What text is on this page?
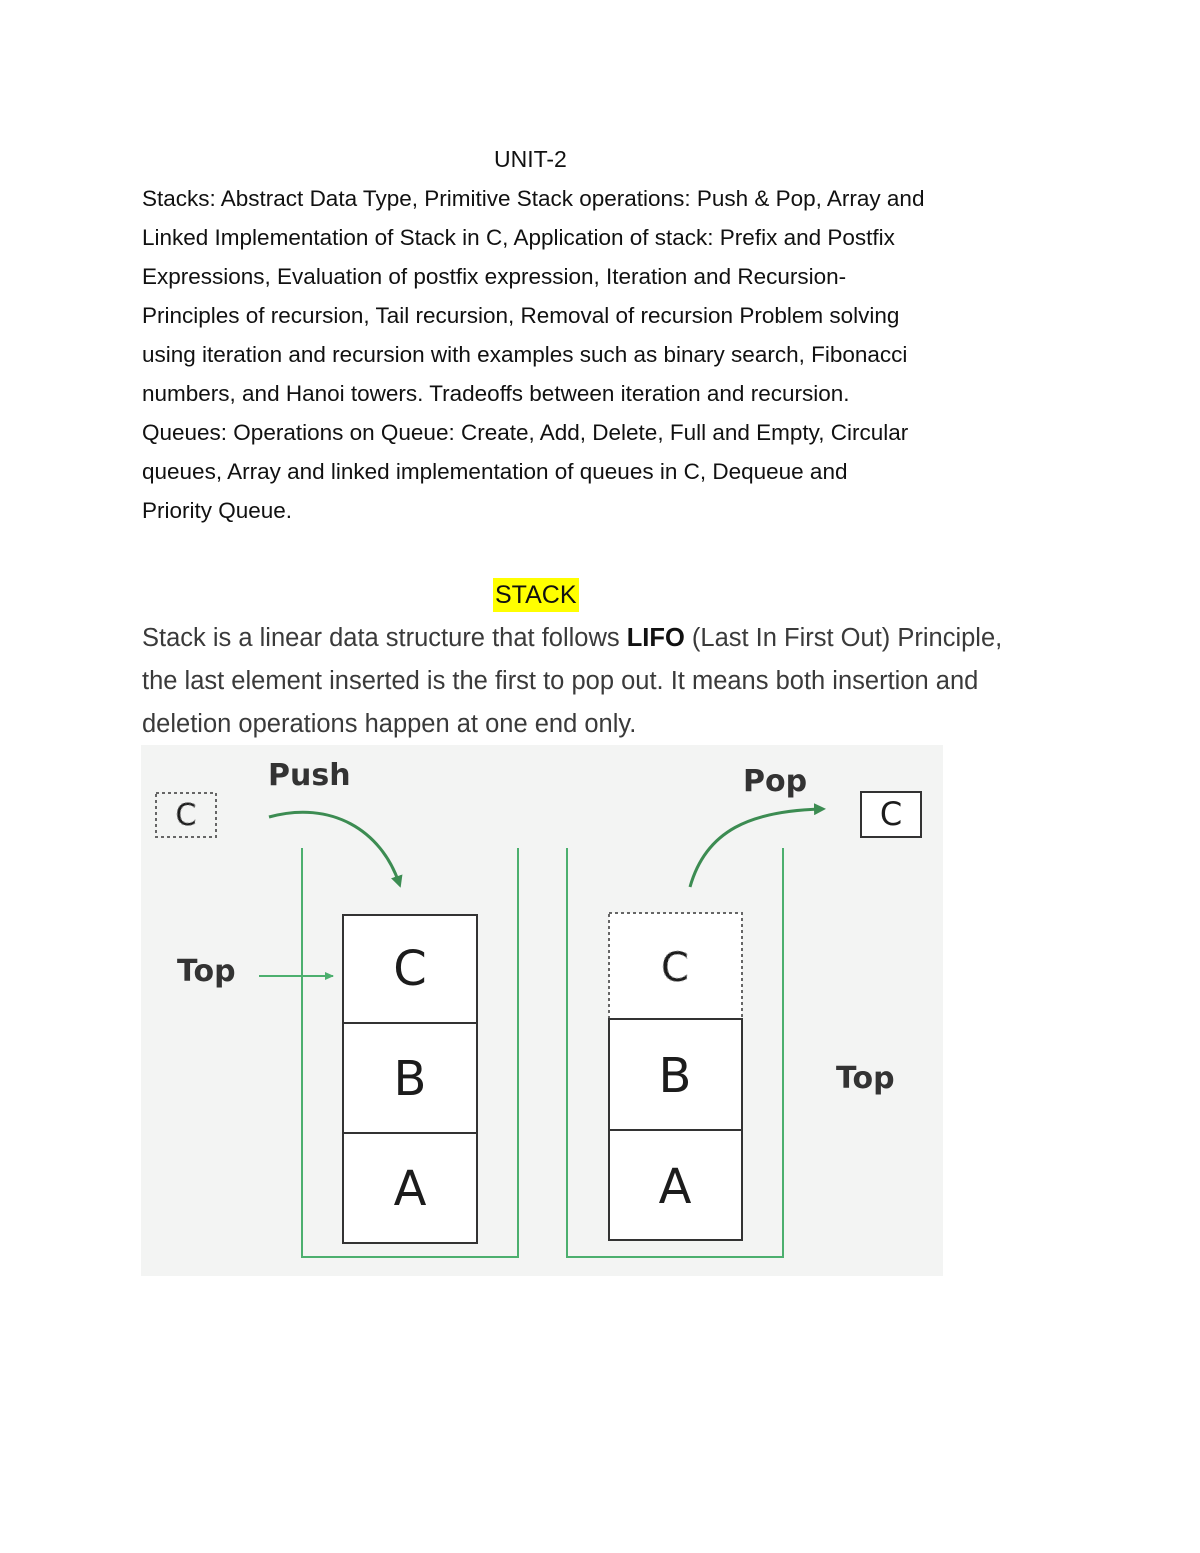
UNIT-2
Stacks: Abstract Data Type, Primitive Stack operations: Push & Pop, Array and
Linked Implementation of Stack in C, Application of stack: Prefix and Postfix
Expressions, Evaluation of postfix expression, Iteration and Recursion-
Principles of recursion, Tail recursion, Removal of recursion Problem solving
using iteration and recursion with examples such as binary search, Fibonacci
numbers, and Hanoi towers. Tradeoffs between iteration and recursion.
Queues: Operations on Queue: Create, Add, Delete, Full and Empty, Circular
queues, Array and linked implementation of queues in C, Dequeue and
Priority Queue.
STACK

Stack is a linear data structure that follows LIFO (Last In First Out) Principle,
the last element inserted is the first to pop out. It means both insertion and
deletion operations happen at one end only.

C
Push
C
B
A
Top	C
B
A
Pop
C
Top
